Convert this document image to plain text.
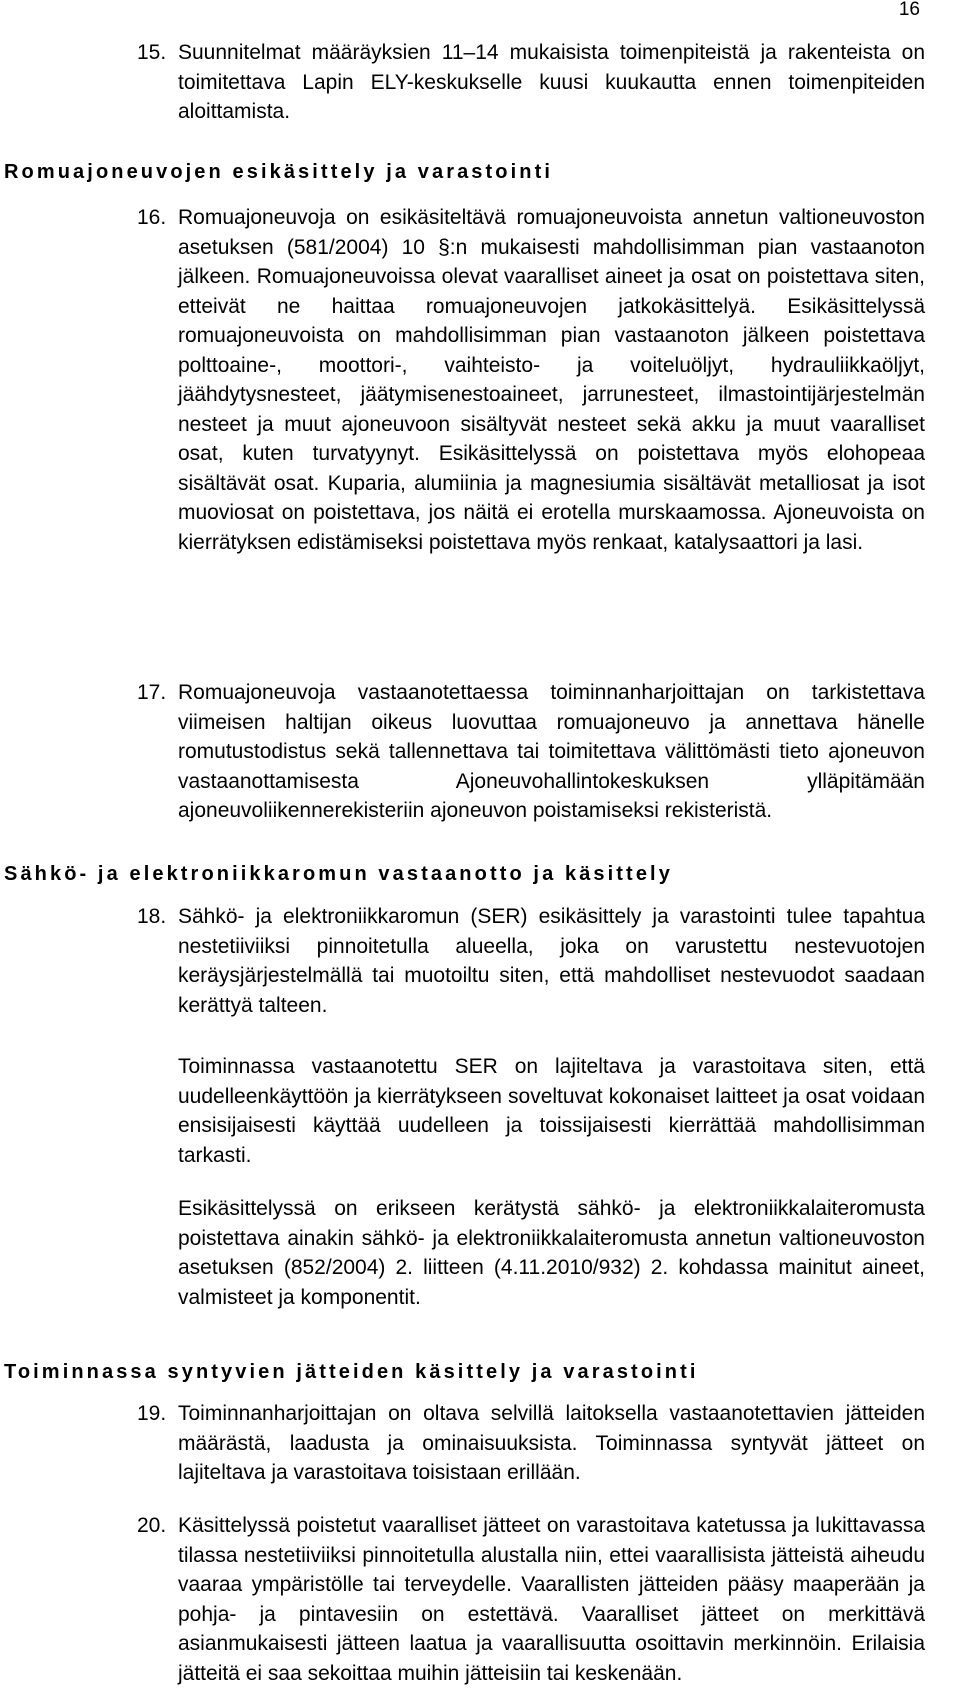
16
15. Suunnitelmat määräyksien 11–14 mukaisista toimenpiteistä ja rakenteista on toimitettava Lapin ELY-keskukselle kuusi kuukautta ennen toimenpiteiden aloittamista.
Romuajoneuvojen esikäsittely ja varastointi
16. Romuajoneuvoja on esikäsiteltävä romuajoneuvoista annetun valtioneuvoston asetuksen (581/2004) 10 §:n mukaisesti mahdollisimman pian vastaanoton jälkeen. Romuajoneuvoissa olevat vaaralliset aineet ja osat on poistettava siten, etteivät ne haittaa romuajoneuvojen jatkokäsittelyä. Esikäsittelyssä romuajoneuvoista on mahdollisimman pian vastaanoton jälkeen poistettava polttoaine-, moottori-, vaihteisto- ja voiteluöljyt, hydrauliikkaöljyt, jäähdytysnesteet, jäätymisenestoaineet, jarrunesteet, ilmastointijärjestelmän nesteet ja muut ajoneuvoon sisältyvät nesteet sekä akku ja muut vaaralliset osat, kuten turvatyynyt. Esikäsittelyssä on poistettava myös elohopeaa sisältävät osat. Kuparia, alumiinia ja magnesiumia sisältävät metalliosat ja isot muoviosat on poistettava, jos näitä ei erotella murskaamossa. Ajoneuvoista on kierrätyksen edistämiseksi poistettava myös renkaat, katalysaattori ja lasi.
17. Romuajoneuvoja vastaanotettaessa toiminnanharjoittajan on tarkistettava viimeisen haltijan oikeus luovuttaa romuajoneuvo ja annettava hänelle romutustodistus sekä tallennettava tai toimitettava välittömästi tieto ajoneuvon vastaanottamisesta Ajoneuvohallintokeskuksen ylläpitämään ajoneuvoliikennerekisteriin ajoneuvon poistamiseksi rekisteristä.
Sähkö- ja elektroniikkaromun vastaanotto ja käsittely
18. Sähkö- ja elektroniikkaromun (SER) esikäsittely ja varastointi tulee tapahtua nestetiiviiksi pinnoitetulla alueella, joka on varustettu nestevuotojen keräysjärjestelmällä tai muotoiltu siten, että mahdolliset nestevuodot saadaan kerättyä talteen.
Toiminnassa vastaanotettu SER on lajiteltava ja varastoitava siten, että uudelleenkäyttöön ja kierrätykseen soveltuvat kokonaiset laitteet ja osat voidaan ensisijaisesti käyttää uudelleen ja toissijaisesti kierrättää mahdollisimman tarkasti.
Esikäsittelyssä on erikseen kerätystä sähkö- ja elektroniikkalaiteromusta poistettava ainakin sähkö- ja elektroniikkalaiteromusta annetun valtioneuvoston asetuksen (852/2004) 2. liitteen (4.11.2010/932) 2. kohdassa mainitut aineet, valmisteet ja komponentit.
Toiminnassa syntyvien jätteiden käsittely ja varastointi
19. Toiminnanharjoittajan on oltava selvillä laitoksella vastaanotettavien jätteiden määrästä, laadusta ja ominaisuuksista. Toiminnassa syntyvät jätteet on lajiteltava ja varastoitava toisistaan erillään.
20. Käsittelyssä poistetut vaaralliset jätteet on varastoitava katetussa ja lukittavassa tilassa nestetiiviiksi pinnoitetulla alustalla niin, ettei vaarallisista jätteistä aiheudu vaaraa ympäristölle tai terveydelle. Vaarallisten jätteiden pääsy maaperään ja pohja- ja pintavesiin on estettävä. Vaaralliset jätteet on merkittävä asianmukaisesti jätteen laatua ja vaarallisuutta osoittavin merkinnöin. Erilaisia jätteitä ei saa sekoittaa muihin jätteisiin tai keskenään.
